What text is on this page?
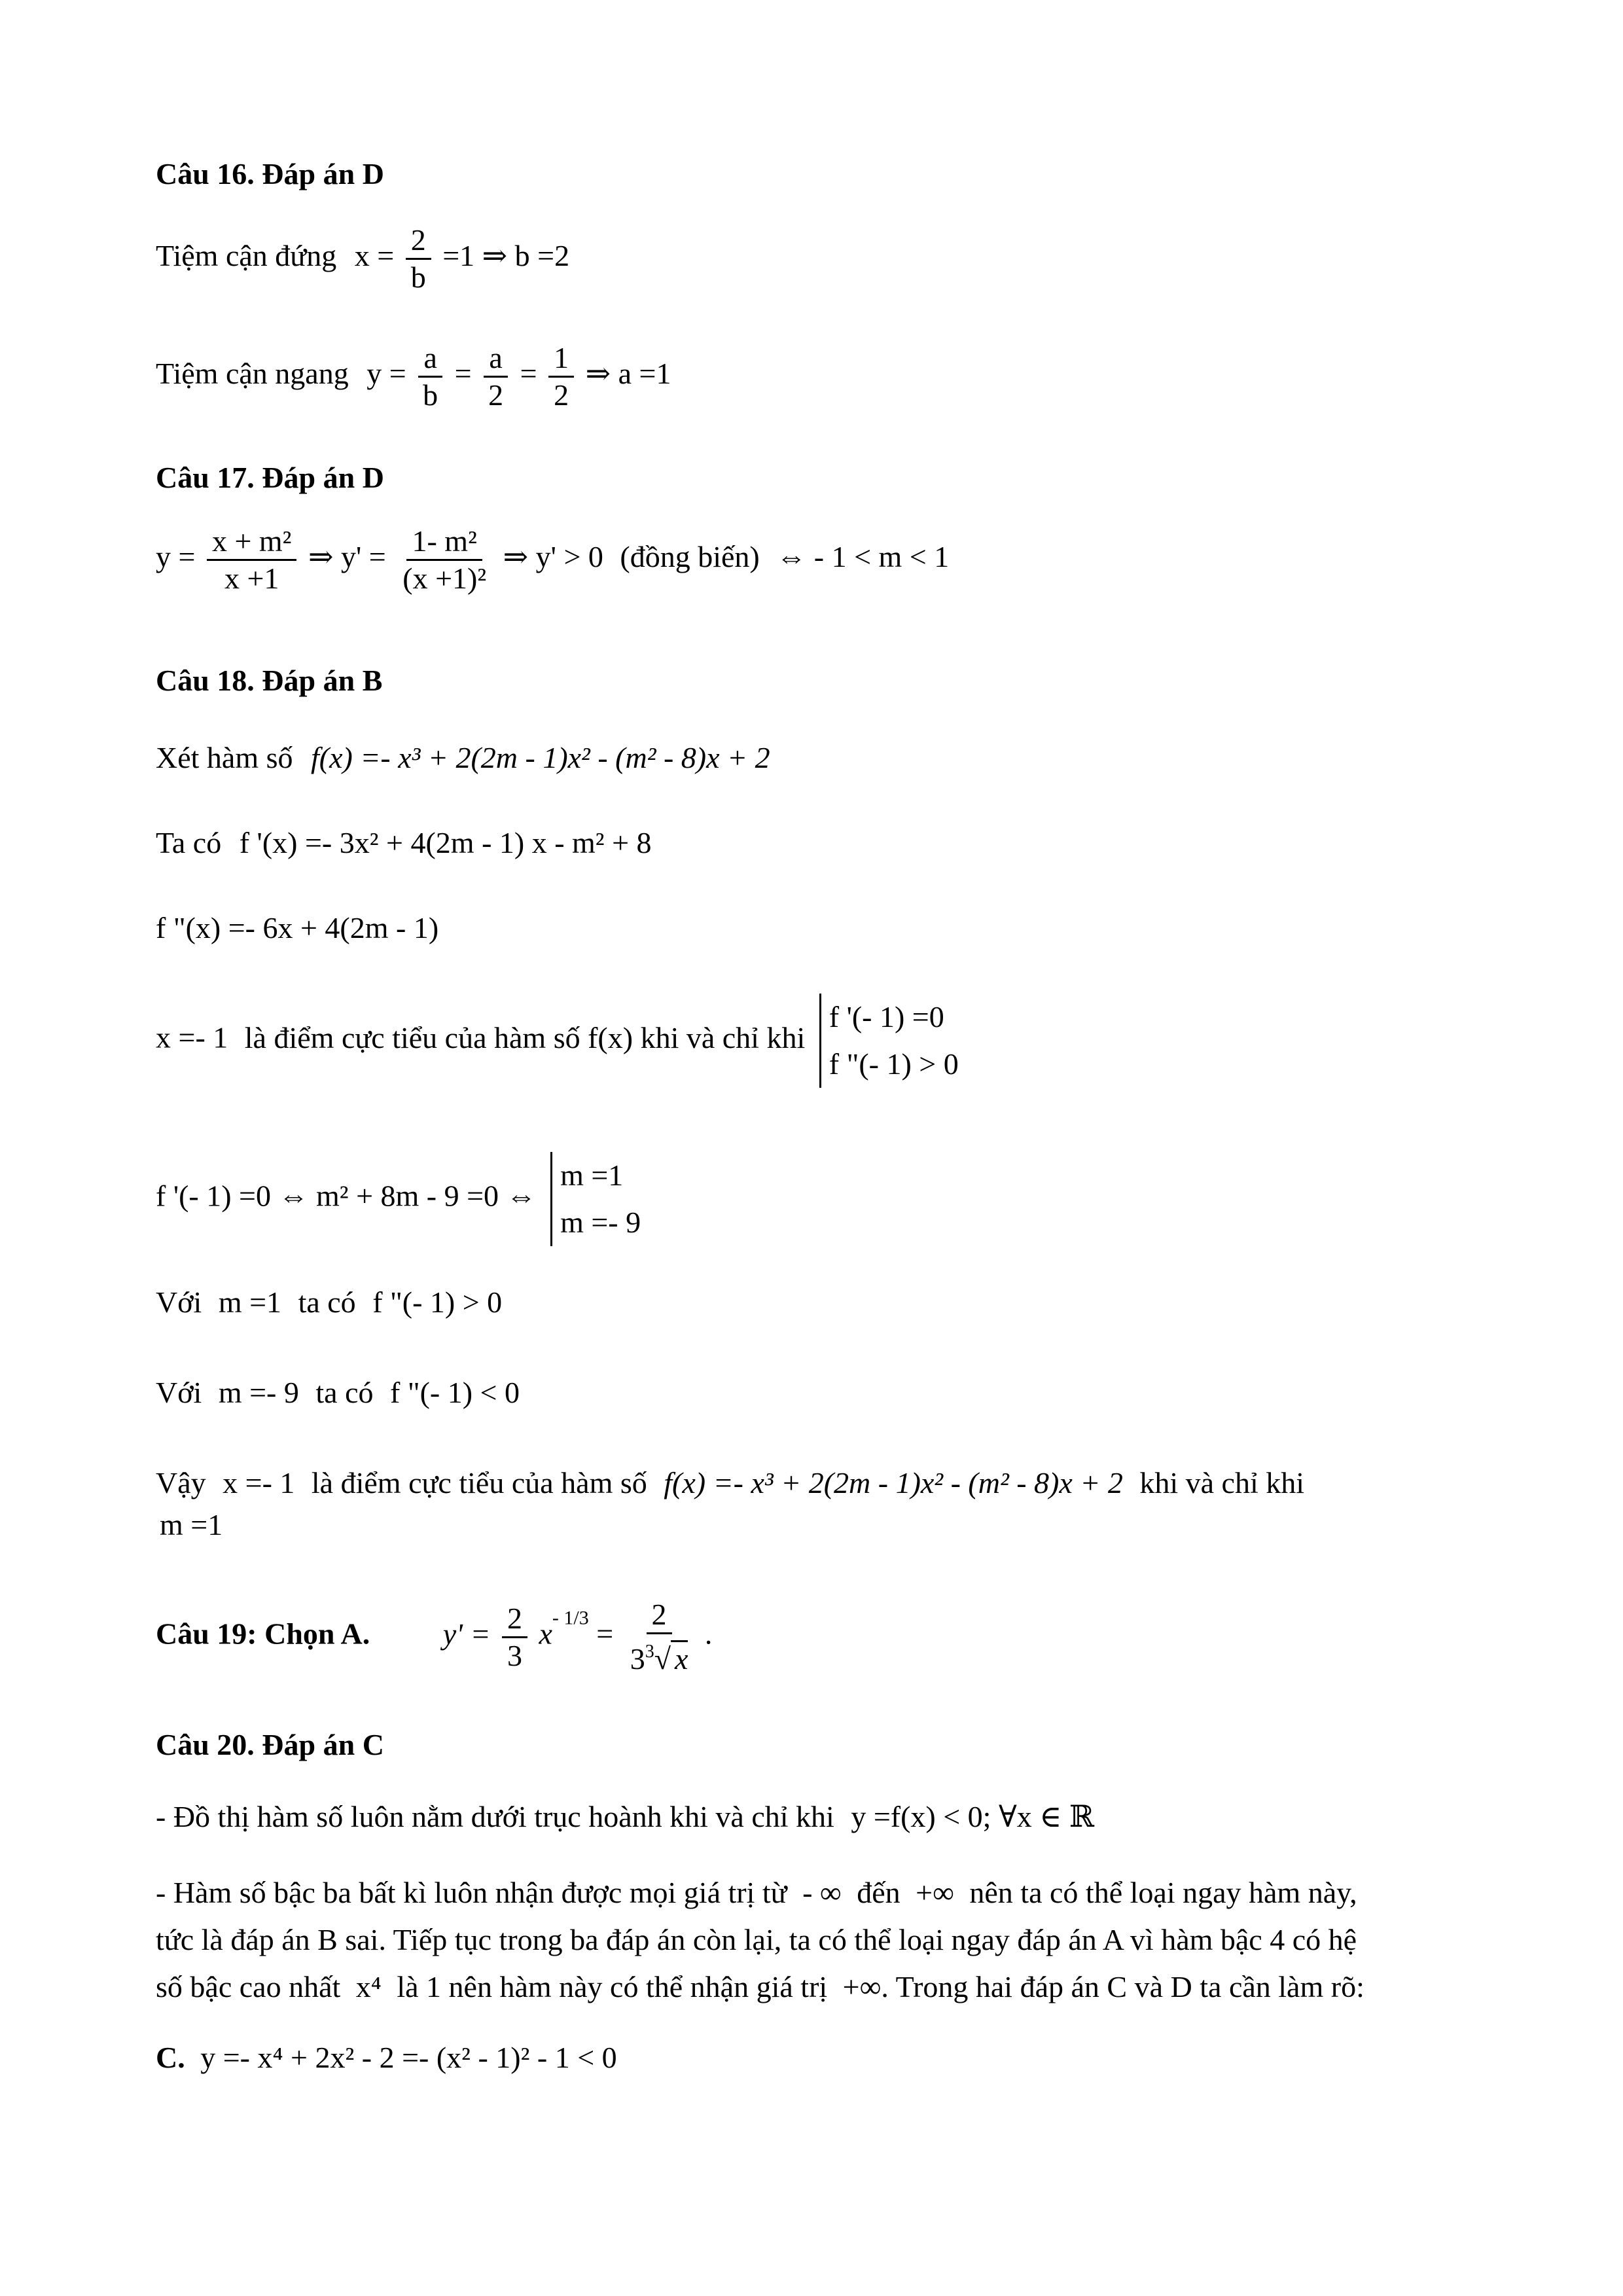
Câu 16. Đáp án D
Tiệm cận đứng $x = \frac{2}{b} =1$ ⇒ b =2
Tiệm cận ngang $y = \frac{a}{b} = \frac{a}{2} = \frac{1}{2}$ ⇒ a =1
Câu 17. Đáp án D
$y = \frac{\text{x + m²}}{x +1}$ ⇒ $y' = \frac{\text{1- m²}}{\text{(x +1)²}}$ ⇒ y' > 0 (đồng biến) ⇔ - 1 < m < 1
Câu 18. Đáp án B
Xét hàm số f(x) =- x³ + 2(2m - 1)x² - (m² - 8)x + 2
Ta có f '(x) =- 3x² + 4(2m - 1) x - m² + 8
f "(x) =- 6x + 4(2m - 1)
x =- 1 là điểm cực tiểu của hàm số f(x) khi và chỉ khi
f '(- 1) =0
f "(- 1) > 0
f '(- 1) =0 ⇔ m² + 8m - 9 =0 ⇔
m =1
m =- 9
Với m =1 ta có f "(- 1) > 0
Với m =- 9 ta có f "(- 1) < 0
Vậy x =- 1 là điểm cực tiểu của hàm số f(x) =- x³ + 2(2m - 1)x² - (m² - 8)x + 2 khi và chỉ khi
m =1
Câu 19: Chọn A. $y' = \frac{2}{3} x^{- 1/3} = \frac{2}{3^3√ x}$ .
Câu 20. Đáp án C
- Đồ thị hàm số luôn nằm dưới trục hoành khi và chỉ khi y =f(x) < 0; ∀x ∈ ℝ
- Hàm số bậc ba bất kì luôn nhận được mọi giá trị từ - ∞ đến +∞ nên ta có thể loại ngay hàm này,
tức là đáp án B sai. Tiếp tục trong ba đáp án còn lại, ta có thể loại ngay đáp án A vì hàm bậc 4 có hệ
số bậc cao nhất x⁴ là 1 nên hàm này có thể nhận giá trị +∞. Trong hai đáp án C và D ta cần làm rõ:
C. y =- x⁴ + 2x² - 2 =- (x² - 1)² - 1 < 0
